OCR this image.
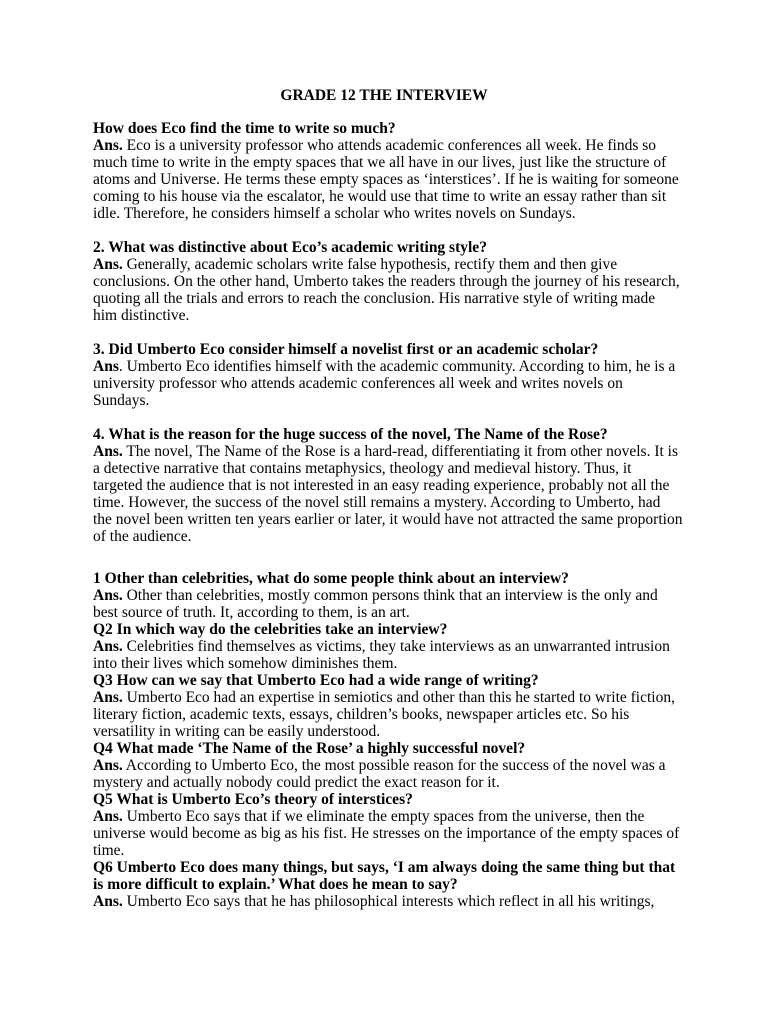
GRADE 12 THE INTERVIEW

How does Eco find the time to write so much?

Ans. Eco is a university professor who attends academic conferences all week. He finds so much time to write in the empty spaces that we all have in our lives, just like the structure of atoms and Universe. He terms these empty spaces as ‘interstices’. If he is waiting for someone coming to his house via the escalator, he would use that time to write an essay rather than sit idle. Therefore, he considers himself a scholar who writes novels on Sundays.

2. What was distinctive about Eco’s academic writing style?

Ans. Generally, academic scholars write false hypothesis, rectify them and then give conclusions. On the other hand, Umberto takes the readers through the journey of his research, quoting all the trials and errors to reach the conclusion. His narrative style of writing made him distinctive.

3. Did Umberto Eco consider himself a novelist first or an academic scholar?

Ans. Umberto Eco identifies himself with the academic community. According to him, he is a university professor who attends academic conferences all week and writes novels on Sundays.

4. What is the reason for the huge success of the novel, The Name of the Rose?

Ans. The novel, The Name of the Rose is a hard-read, differentiating it from other novels. It is a detective narrative that contains metaphysics, theology and medieval history. Thus, it targeted the audience that is not interested in an easy reading experience, probably not all the time. However, the success of the novel still remains a mystery. According to Umberto, had the novel been written ten years earlier or later, it would have not attracted the same proportion of the audience.

1 Other than celebrities, what do some people think about an interview?

Ans. Other than celebrities, mostly common persons think that an interview is the only and best source of truth. It, according to them, is an art.

Q2 In which way do the celebrities take an interview?

Ans. Celebrities find themselves as victims, they take interviews as an unwarranted intrusion into their lives which somehow diminishes them.

Q3 How can we say that Umberto Eco had a wide range of writing?

Ans. Umberto Eco had an expertise in semiotics and other than this he started to write fiction, literary fiction, academic texts, essays, children’s books, newspaper articles etc. So his versatility in writing can be easily understood.

Q4 What made ‘The Name of the Rose’ a highly successful novel?

Ans. According to Umberto Eco, the most possible reason for the success of the novel was a mystery and actually nobody could predict the exact reason for it.

Q5 What is Umberto Eco’s theory of interstices?

Ans. Umberto Eco says that if we eliminate the empty spaces from the universe, then the universe would become as big as his fist. He stresses on the importance of the empty spaces of time.

Q6 Umberto Eco does many things, but says, ‘I am always doing the same thing but that is more difficult to explain.’ What does he mean to say?

Ans. Umberto Eco says that he has philosophical interests which reflect in all his writings,
